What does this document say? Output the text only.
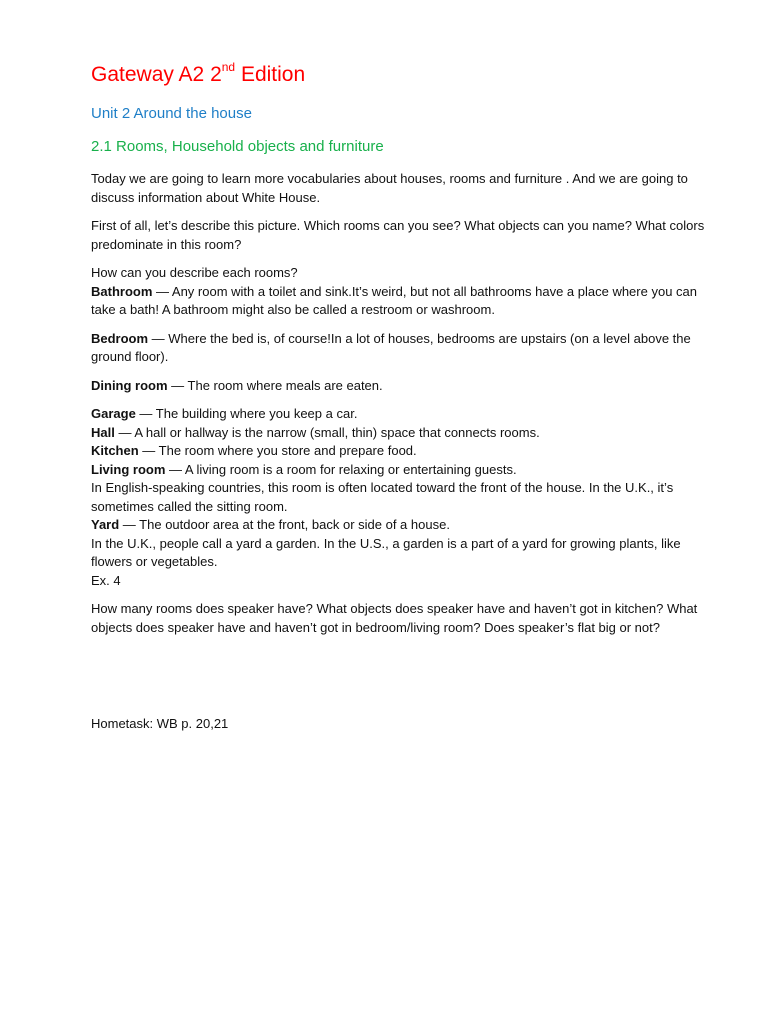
Gateway A2 2nd Edition
Unit 2 Around the house
2.1 Rooms, Household objects and furniture

Today we are going to learn more vocabularies about houses, rooms and furniture . And we are going to discuss information about White House.

First of all, let’s describe this picture. Which rooms can you see? What objects can you name? What colors predominate in this room?

How can you describe each rooms?

Bathroom — Any room with a toilet and sink.It’s weird, but not all bathrooms have a place where you can take a bath! A bathroom might also be called a restroom or washroom.

Bedroom — Where the bed is, of course!In a lot of houses, bedrooms are upstairs (on a level above the ground floor).

Dining room — The room where meals are eaten.

Garage — The building where you keep a car.

Hall — A hall or hallway is the narrow (small, thin) space that connects rooms.

Kitchen — The room where you store and prepare food.

Living room — A living room is a room for relaxing or entertaining guests.

In English-speaking countries, this room is often located toward the front of the house. In the U.K., it’s sometimes called the sitting room.

Yard — The outdoor area at the front, back or side of a house.

In the U.K., people call a yard a garden. In the U.S., a garden is a part of a yard for growing plants, like flowers or vegetables.

Ex. 4

How many rooms does speaker have? What objects does speaker have and haven’t got in kitchen? What objects does speaker have and haven’t got in bedroom/living room? Does speaker’s flat big or not?

Hometask: WB p. 20,21
